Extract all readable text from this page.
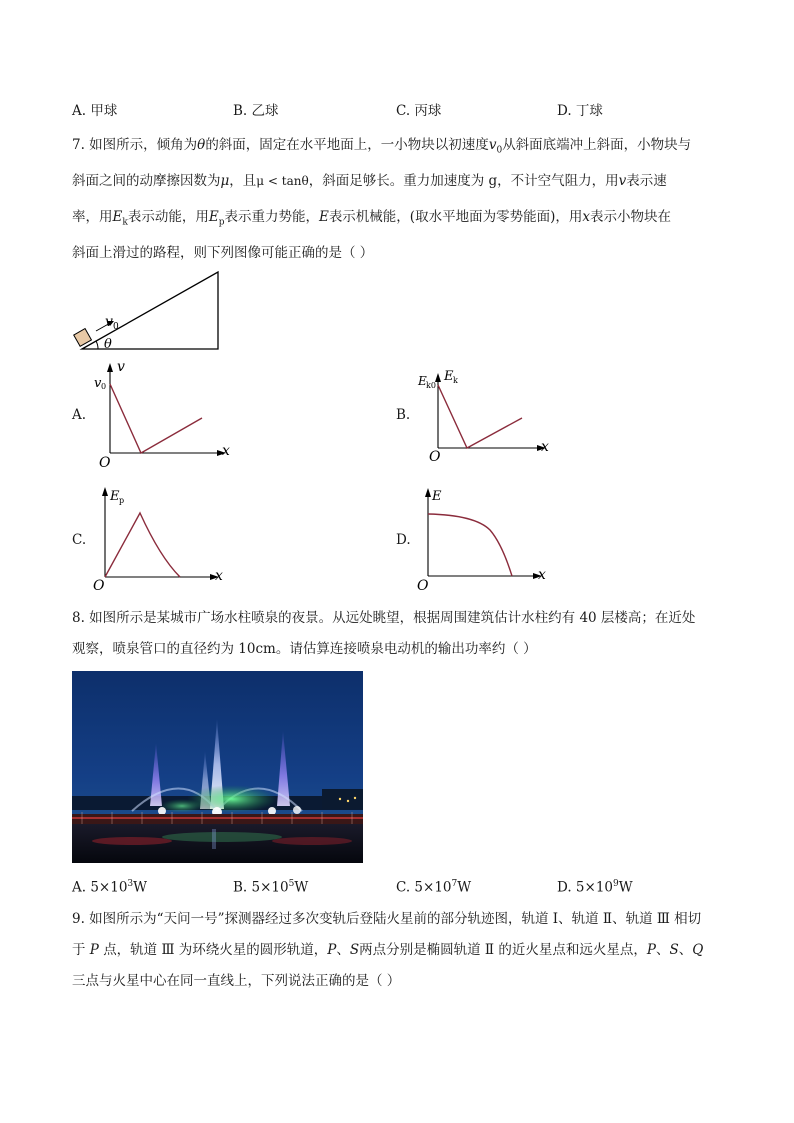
A. 甲球	B. 乙球	C. 丙球	D. 丁球
7. 如图所示，倾角为θ的斜面，固定在水平地面上，一小物块以初速度$v_0$从斜面底端冲上斜面，小物块与
斜面之间的动摩擦因数为μ，且μ < tanθ，斜面足够长。重力加速度为 g，不计空气阻力，用v表示速
率，用$E_k$表示动能，用$E_p$表示重力势能，E表示机械能，(取水平地面为零势能面)，用x表示小物块在
斜面上滑过的路程，则下列图像可能正确的是（ ）
v 0
θ
A.
v
v 0
x
O
B.
E k
E k0
x
O
C.
E p
x
O
D.
E
x
O
8. 如图所示是某城市广场水柱喷泉的夜景。从远处眺望，根据周围建筑估计水柱约有 40 层楼高；在近处
观察，喷泉管口的直径约为 10cm。请估算连接喷泉电动机的输出功率约（ ）
A. $5\times 10^3W$	B. $5\times 10^5W$	C. $5\times 10^7W$	D. $5\times 10^9W$
9. 如图所示为“天问一号”探测器经过多次变轨后登陆火星前的部分轨迹图，轨道 Ⅰ、轨道 Ⅱ、轨道 Ⅲ 相切
于 P 点，轨道 Ⅲ 为环绕火星的圆形轨道，P、S两点分别是椭圆轨道 Ⅱ 的近火星点和远火星点，P、S、Q
三点与火星中心在同一直线上，下列说法正确的是（ ）
